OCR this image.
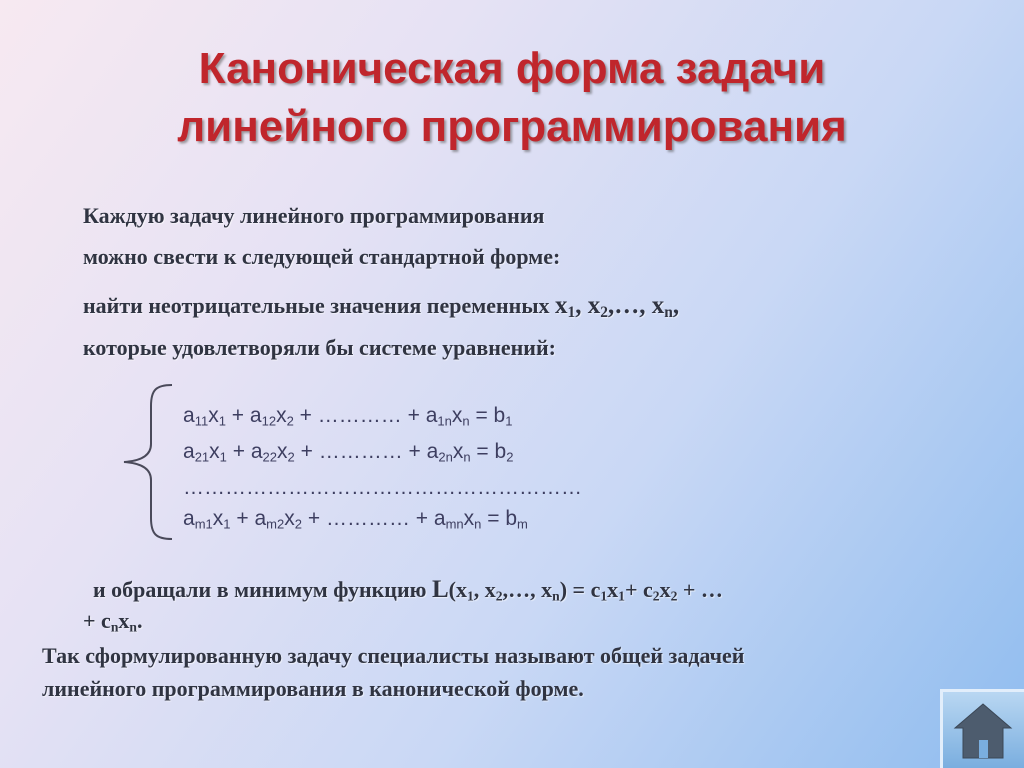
Каноническая форма задачи
линейного программирования
Каждую задачу линейного программирования
можно свести к следующей стандартной форме:
найти неотрицательные значения переменных $x_1$, $x_2,\dots$, $x_n$,
которые удовлетворяли бы системе уравнений:
$a_{11}x_1 + a_{12}x_2$ + ………… + $a_{1n}x_n = b_1$
$a_{21}x_1 + a_{22}x_2$ + ………… + $a_{2n}x_n = b_2$
…………………………………………………
$a_{m1}x_1 + a_{m2}x_2$ + ………… + $a_{mn}x_n = b_m$
и обращали в минимум функцию $L(x_1$, $x_2,\dots$, $x_n) = c_1x_1+ c_2x_2$ + …
+ $c_nx_n$.
Так сформулированную задачу специалисты называют общей задачей
линейного программирования в канонической форме.
